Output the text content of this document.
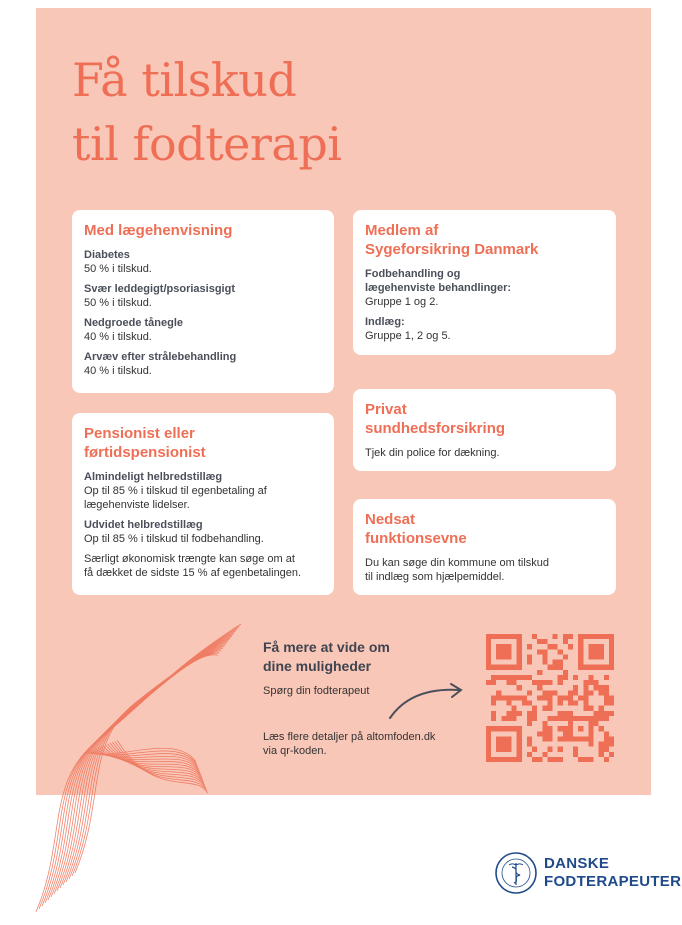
Få tilskud
til fodterapi
Med lægehenvisning
Diabetes
50 % i tilskud.
Svær leddegigt/psoriasisgigt
50 % i tilskud.
Nedgroede tånegle
40 % i tilskud.
Arvæv efter strålebehandling
40 % i tilskud.
Medlem af
Sygeforsikring Danmark
Fodbehandling og
lægehenviste behandlinger:
Gruppe 1 og 2.
Indlæg:
Gruppe 1, 2 og 5.
Pensionist eller
førtidspensionist
Almindeligt helbredstillæg
Op til 85 % i tilskud til egenbetaling af
lægehenviste lidelser.
Udvidet helbredstillæg
Op til 85 % i tilskud til fodbehandling.
Særligt økonomisk trængte kan søge om at
få dækket de sidste 15 % af egenbetalingen.
Privat
sundhedsforsikring
Tjek din police for dækning.
Nedsat
funktionsevne
Du kan søge din kommune om tilskud
til indlæg som hjælpemiddel.
Få mere at vide om
dine muligheder
Spørg din fodterapeut
Læs flere detaljer på altomfoden.dk
via qr-koden.
DANSKE
FODTERAPEUTER
